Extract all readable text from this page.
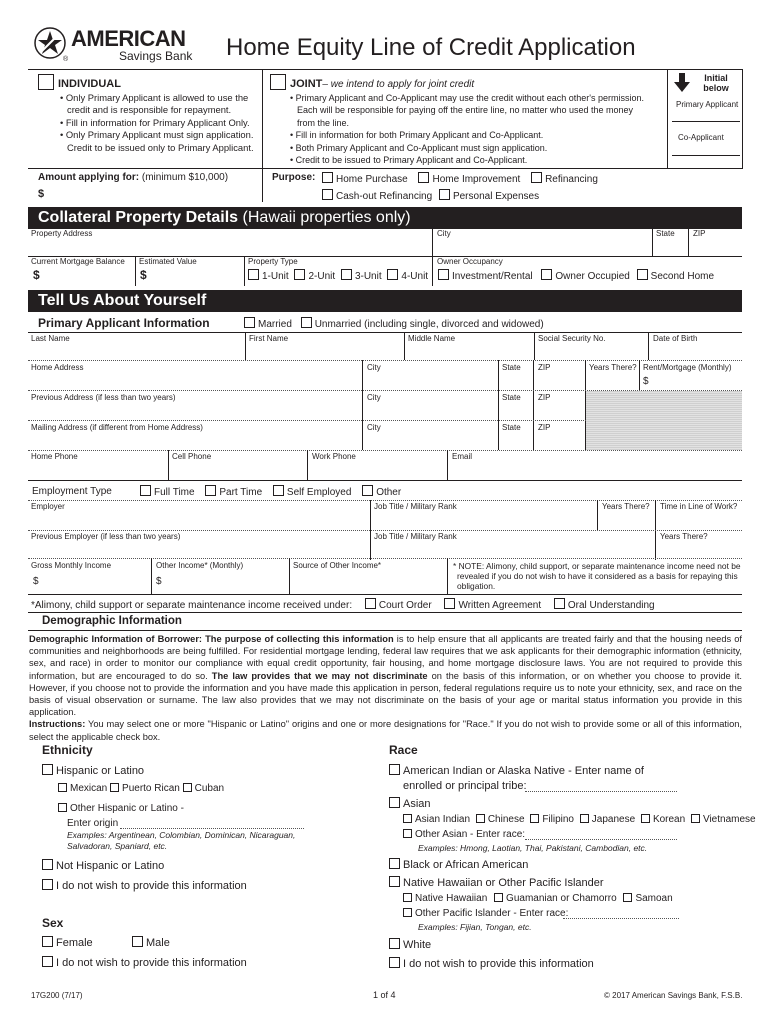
®
AMERICAN
Savings Bank Home Equity Line of Credit Application
INDIVIDUAL
• Only Primary Applicant is allowed to use the
credit and is responsible for repayment.
• Fill in information for Primary Applicant Only.
• Only Primary Applicant must sign application.
Credit to be issued only to Primary Applicant.
JOINT– we intend to apply for joint credit
• Primary Applicant and Co-Applicant may use the credit without each other's permission.
Each will be responsible for paying off the entire line, no matter who used the money
from the line.
• Fill in information for both Primary Applicant and Co-Applicant.
• Both Primary Applicant and Co-Applicant must sign application.
• Credit to be issued to Primary Applicant and Co-Applicant.
Initial below
Primary Applicant
Co-Applicant
Amount applying for: (minimum $10,000)
$
Purpose:	Home Purchase Home Improvement Refinancing
Cash-out Refinancing Personal Expenses
Collateral Property Details (Hawaii properties only)
Property Address	City	State ZIP
Current Mortgage Balance
$
Estimated Value
$
Property Type
1-Unit 2-Unit 3-Unit 4-Unit
Owner Occupancy
Investment/Rental Owner Occupied Second Home
Tell Us About Yourself
Primary Applicant Information	Married Unmarried (including single, divorced and widowed)
Last Name	First Name	Middle Name	Social Security No.	Date of Birth
Home Address	City	State ZIP	Years There? Rent/Mortgage (Monthly)
$
Previous Address (if less than two years)	City	State ZIP
Mailing Address (if different from Home Address)	City	State ZIP
Home Phone	Cell Phone	Work Phone	Email
Employment Type	Full Time Part Time Self Employed Other
Employer	Job Title / Military Rank	Years There? Time in Line of Work?
Previous Employer (if less than two years)	Job Title / Military Rank	Years There?
Gross Monthly Income
$
Other Income* (Monthly)
$
Source of Other Income*	* NOTE: Alimony, child support, or separate maintenance income need not be
revealed if you do not wish to have it considered as a basis for repaying this
obligation.
*Alimony, child support or separate maintenance income received under:	Court Order	Written Agreement	Oral Understanding
Demographic Information
Demographic Information of Borrower: The purpose of collecting this information is to help ensure that all applicants are treated fairly and that the housing needs of communities and neighborhoods are being fulfilled. For residential mortgage lending, federal law requires that we ask applicants for their demographic information (ethnicity, sex, and race) in order to monitor our compliance with equal credit opportunity, fair housing, and home mortgage disclosure laws. You are not required to provide this information, but are encouraged to do so. The law provides that we may not discriminate on the basis of this information, or on whether you choose to provide it. However, if you choose not to provide the information and you have made this application in person, federal regulations require us to note your ethnicity, sex, and race on the basis of visual observation or surname. The law also provides that we may not discriminate on the basis of your age or marital status information you provide in this application.
Instructions: You may select one or more "Hispanic or Latino" origins and one or more designations for "Race." If you do not wish to provide some or all of this information, select the applicable check box.
Ethnicity
Hispanic or Latino
Mexican Puerto Rican Cuban
Other Hispanic or Latino -
Enter origin
Examples: Argentinean, Colombian, Dominican, Nicaraguan,
Salvadoran, Spaniard, etc.
Not Hispanic or Latino
I do not wish to provide this information
Sex
Female	Male
I do not wish to provide this information
Race
American Indian or Alaska Native - Enter name of
enrolled or principal tribe:
Asian
Asian Indian Chinese Filipino Japanese Korean Vietnamese
Other Asian - Enter race:
Examples: Hmong, Laotian, Thai, Pakistani, Cambodian, etc.
Black or African American
Native Hawaiian or Other Pacific Islander
Native Hawaiian Guamanian or Chamorro Samoan
Other Pacific Islander - Enter race:
Examples: Fijian, Tongan, etc.
White
I do not wish to provide this information
17G200 (7/17)	1 of 4	© 2017 American Savings Bank, F.S.B.
